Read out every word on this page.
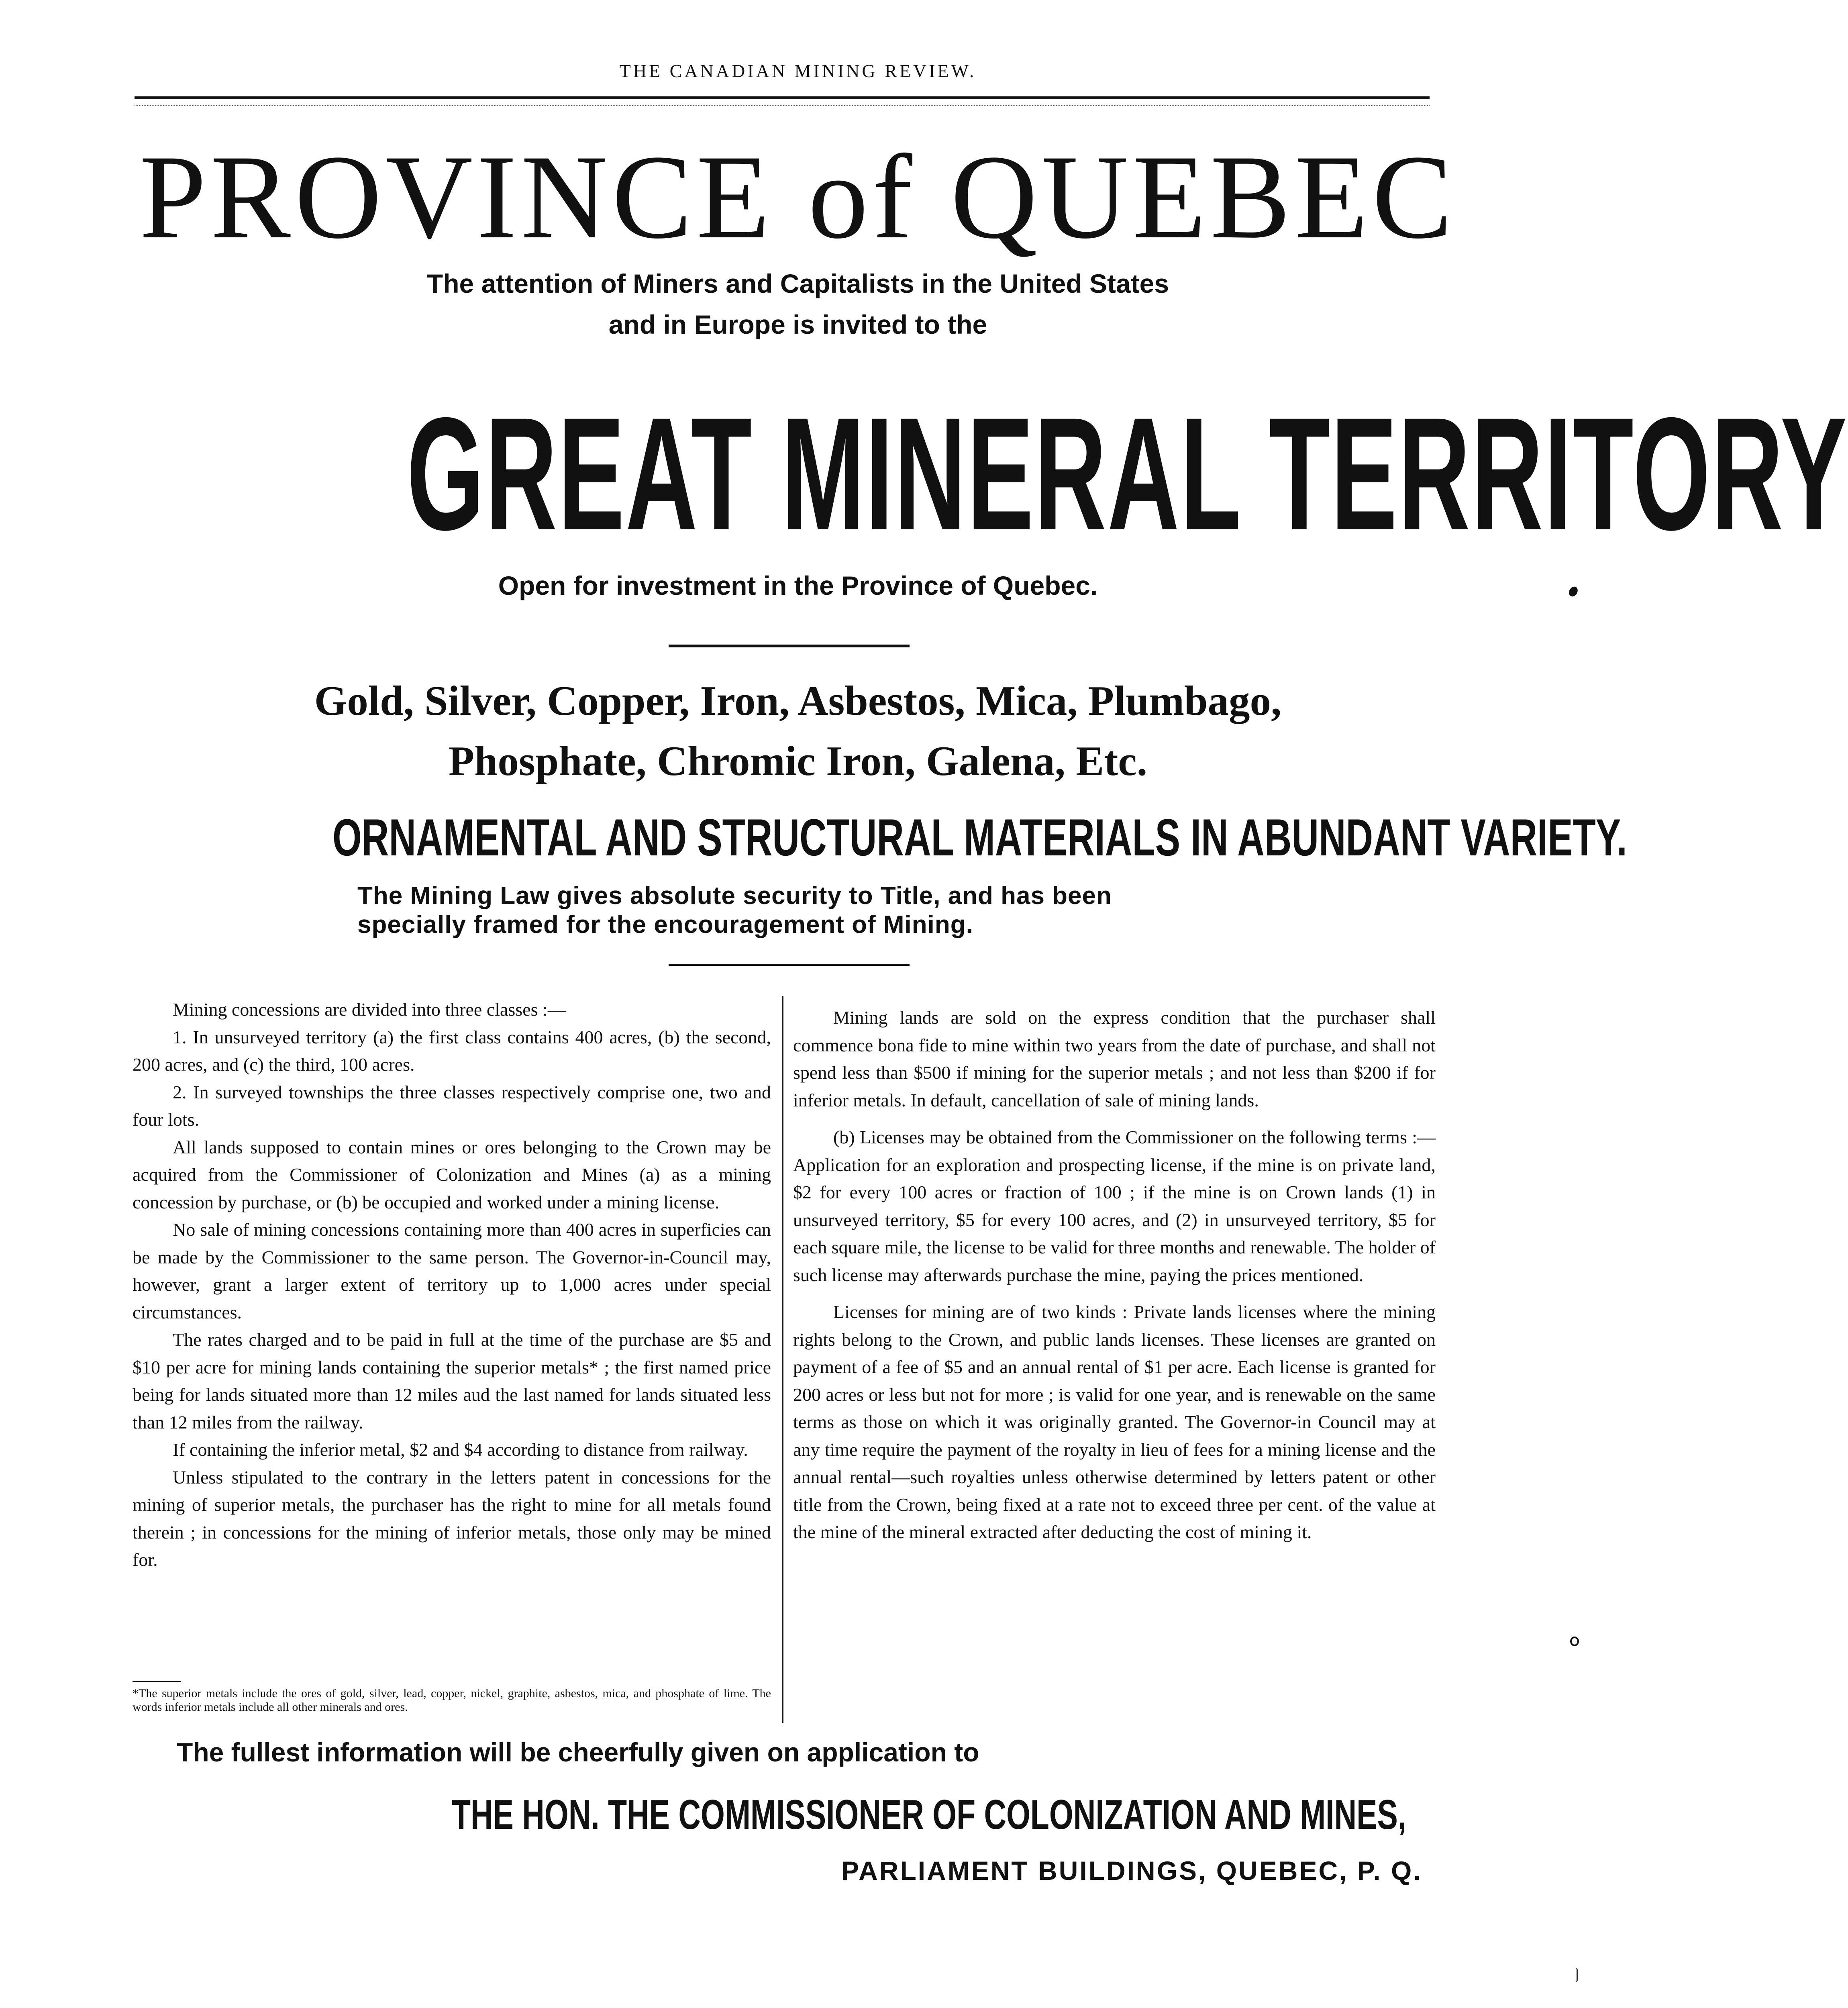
THE CANADIAN MINING REVIEW.
PROVINCE of QUEBEC
The attention of Miners and Capitalists in the United States
and in Europe is invited to the
GREAT MINERAL TERRITORY
Open for investment in the Province of Quebec.
Gold, Silver, Copper, Iron, Asbestos, Mica, Plumbago,
Phosphate, Chromic Iron, Galena, Etc.
ORNAMENTAL AND STRUCTURAL MATERIALS IN ABUNDANT VARIETY.
The Mining Law gives absolute security to Title, and has been
specially framed for the encouragement of Mining.

Mining concessions are divided into three classes :—

1. In unsurveyed territory (a) the first class contains 400 acres, (b) the second, 200 acres, and (c) the third, 100 acres.

2. In surveyed townships the three classes respectively comprise one, two and four lots.

All lands supposed to contain mines or ores belonging to the Crown may be acquired from the Commissioner of Colonization and Mines (a) as a mining concession by purchase, or (b) be occupied and worked under a mining license.

No sale of mining concessions containing more than 400 acres in superficies can be made by the Commissioner to the same person. The Governor-in-Council may, however, grant a larger extent of territory up to 1,000 acres under special circumstances.

The rates charged and to be paid in full at the time of the purchase are $5 and $10 per acre for mining lands containing the superior metals* ; the first named price being for lands situated more than 12 miles aud the last named for lands situated less than 12 miles from the railway.

If containing the inferior metal, $2 and $4 according to distance from railway.

Unless stipulated to the contrary in the letters patent in concessions for the mining of superior metals, the purchaser has the right to mine for all metals found therein ; in concessions for the mining of inferior metals, those only may be mined for.

Mining lands are sold on the express condition that the purchaser shall commence bona fide to mine within two years from the date of purchase, and shall not spend less than $500 if mining for the superior metals ; and not less than $200 if for inferior metals. In default, cancellation of sale of mining lands.

(b) Licenses may be obtained from the Commissioner on the following terms :—Application for an exploration and prospecting license, if the mine is on private land, $2 for every 100 acres or fraction of 100 ; if the mine is on Crown lands (1) in unsurveyed territory, $5 for every 100 acres, and (2) in unsurveyed territory, $5 for each square mile, the license to be valid for three months and renewable. The holder of such license may afterwards purchase the mine, paying the prices mentioned.

Licenses for mining are of two kinds : Private lands licenses where the mining rights belong to the Crown, and public lands licenses. These licenses are granted on payment of a fee of $5 and an annual rental of $1 per acre. Each license is granted for 200 acres or less but not for more ; is valid for one year, and is renewable on the same terms as those on which it was originally granted. The Governor-in Council may at any time require the payment of the royalty in lieu of fees for a mining license and the annual rental—such royalties unless otherwise determined by letters patent or other title from the Crown, being fixed at a rate not to exceed three per cent. of the value at the mine of the mineral extracted after deducting the cost of mining it.

*The superior metals include the ores of gold, silver, lead, copper, nickel, graphite, asbestos, mica, and phosphate of lime. The words inferior metals include all other minerals and ores.
The fullest information will be cheerfully given on application to
THE HON. THE COMMISSIONER OF COLONIZATION AND MINES,
PARLIAMENT BUILDINGS, QUEBEC, P. Q.
